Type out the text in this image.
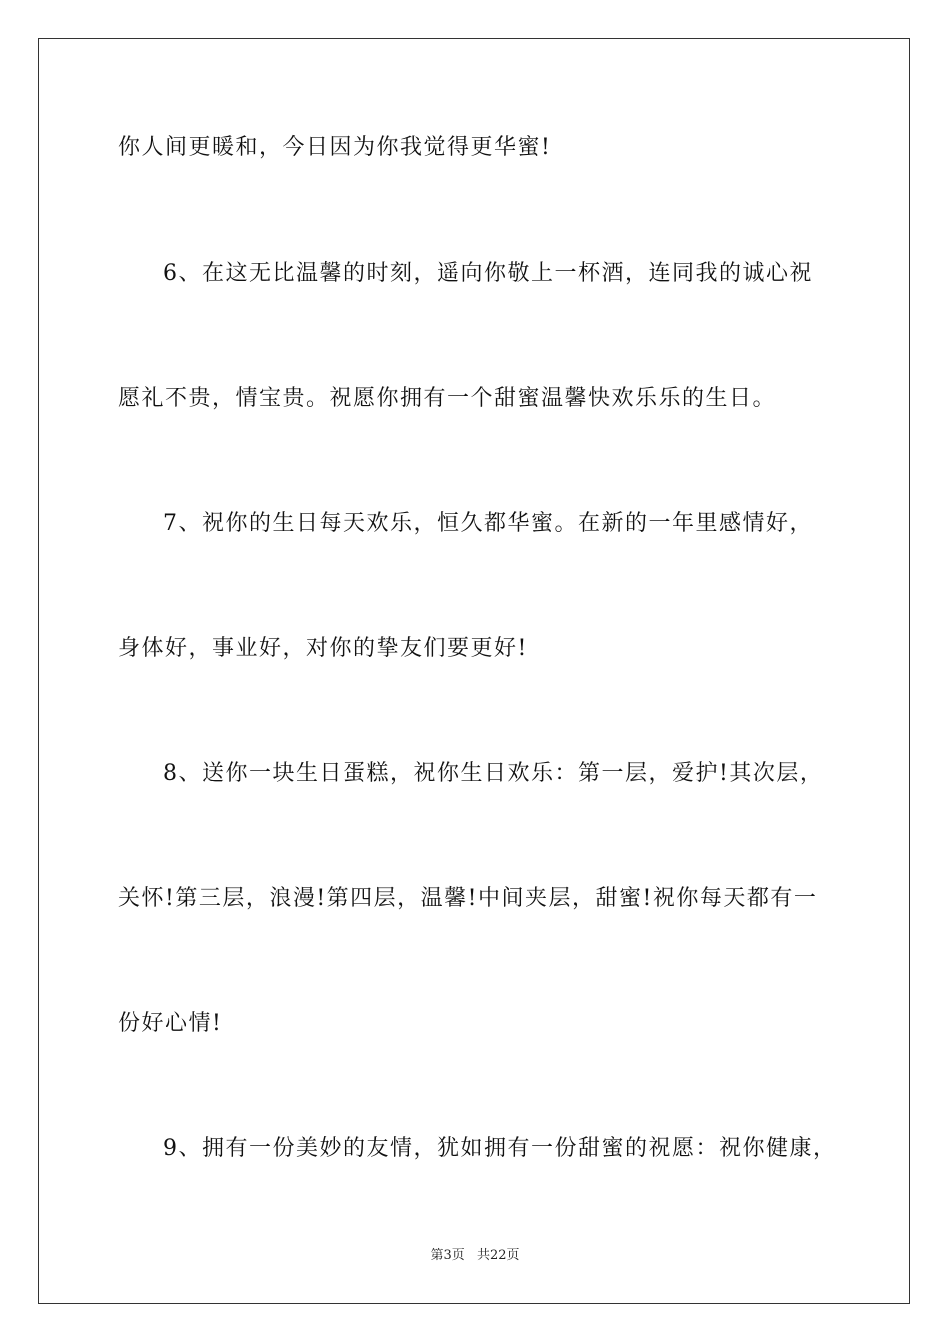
你人间更暖和，今日因为你我觉得更华蜜!
6、在这无比温馨的时刻，遥向你敬上一杯酒，连同我的诚心祝
愿礼不贵，情宝贵。祝愿你拥有一个甜蜜温馨快欢乐乐的生日。
7、祝你的生日每天欢乐，恒久都华蜜。在新的一年里感情好，
身体好，事业好，对你的挚友们要更好!
8、送你一块生日蛋糕，祝你生日欢乐：第一层，爱护!其次层，
关怀!第三层，浪漫!第四层，温馨!中间夹层，甜蜜!祝你每天都有一
份好心情!
9、拥有一份美妙的友情，犹如拥有一份甜蜜的祝愿：祝你健康，
第3页 共22页
